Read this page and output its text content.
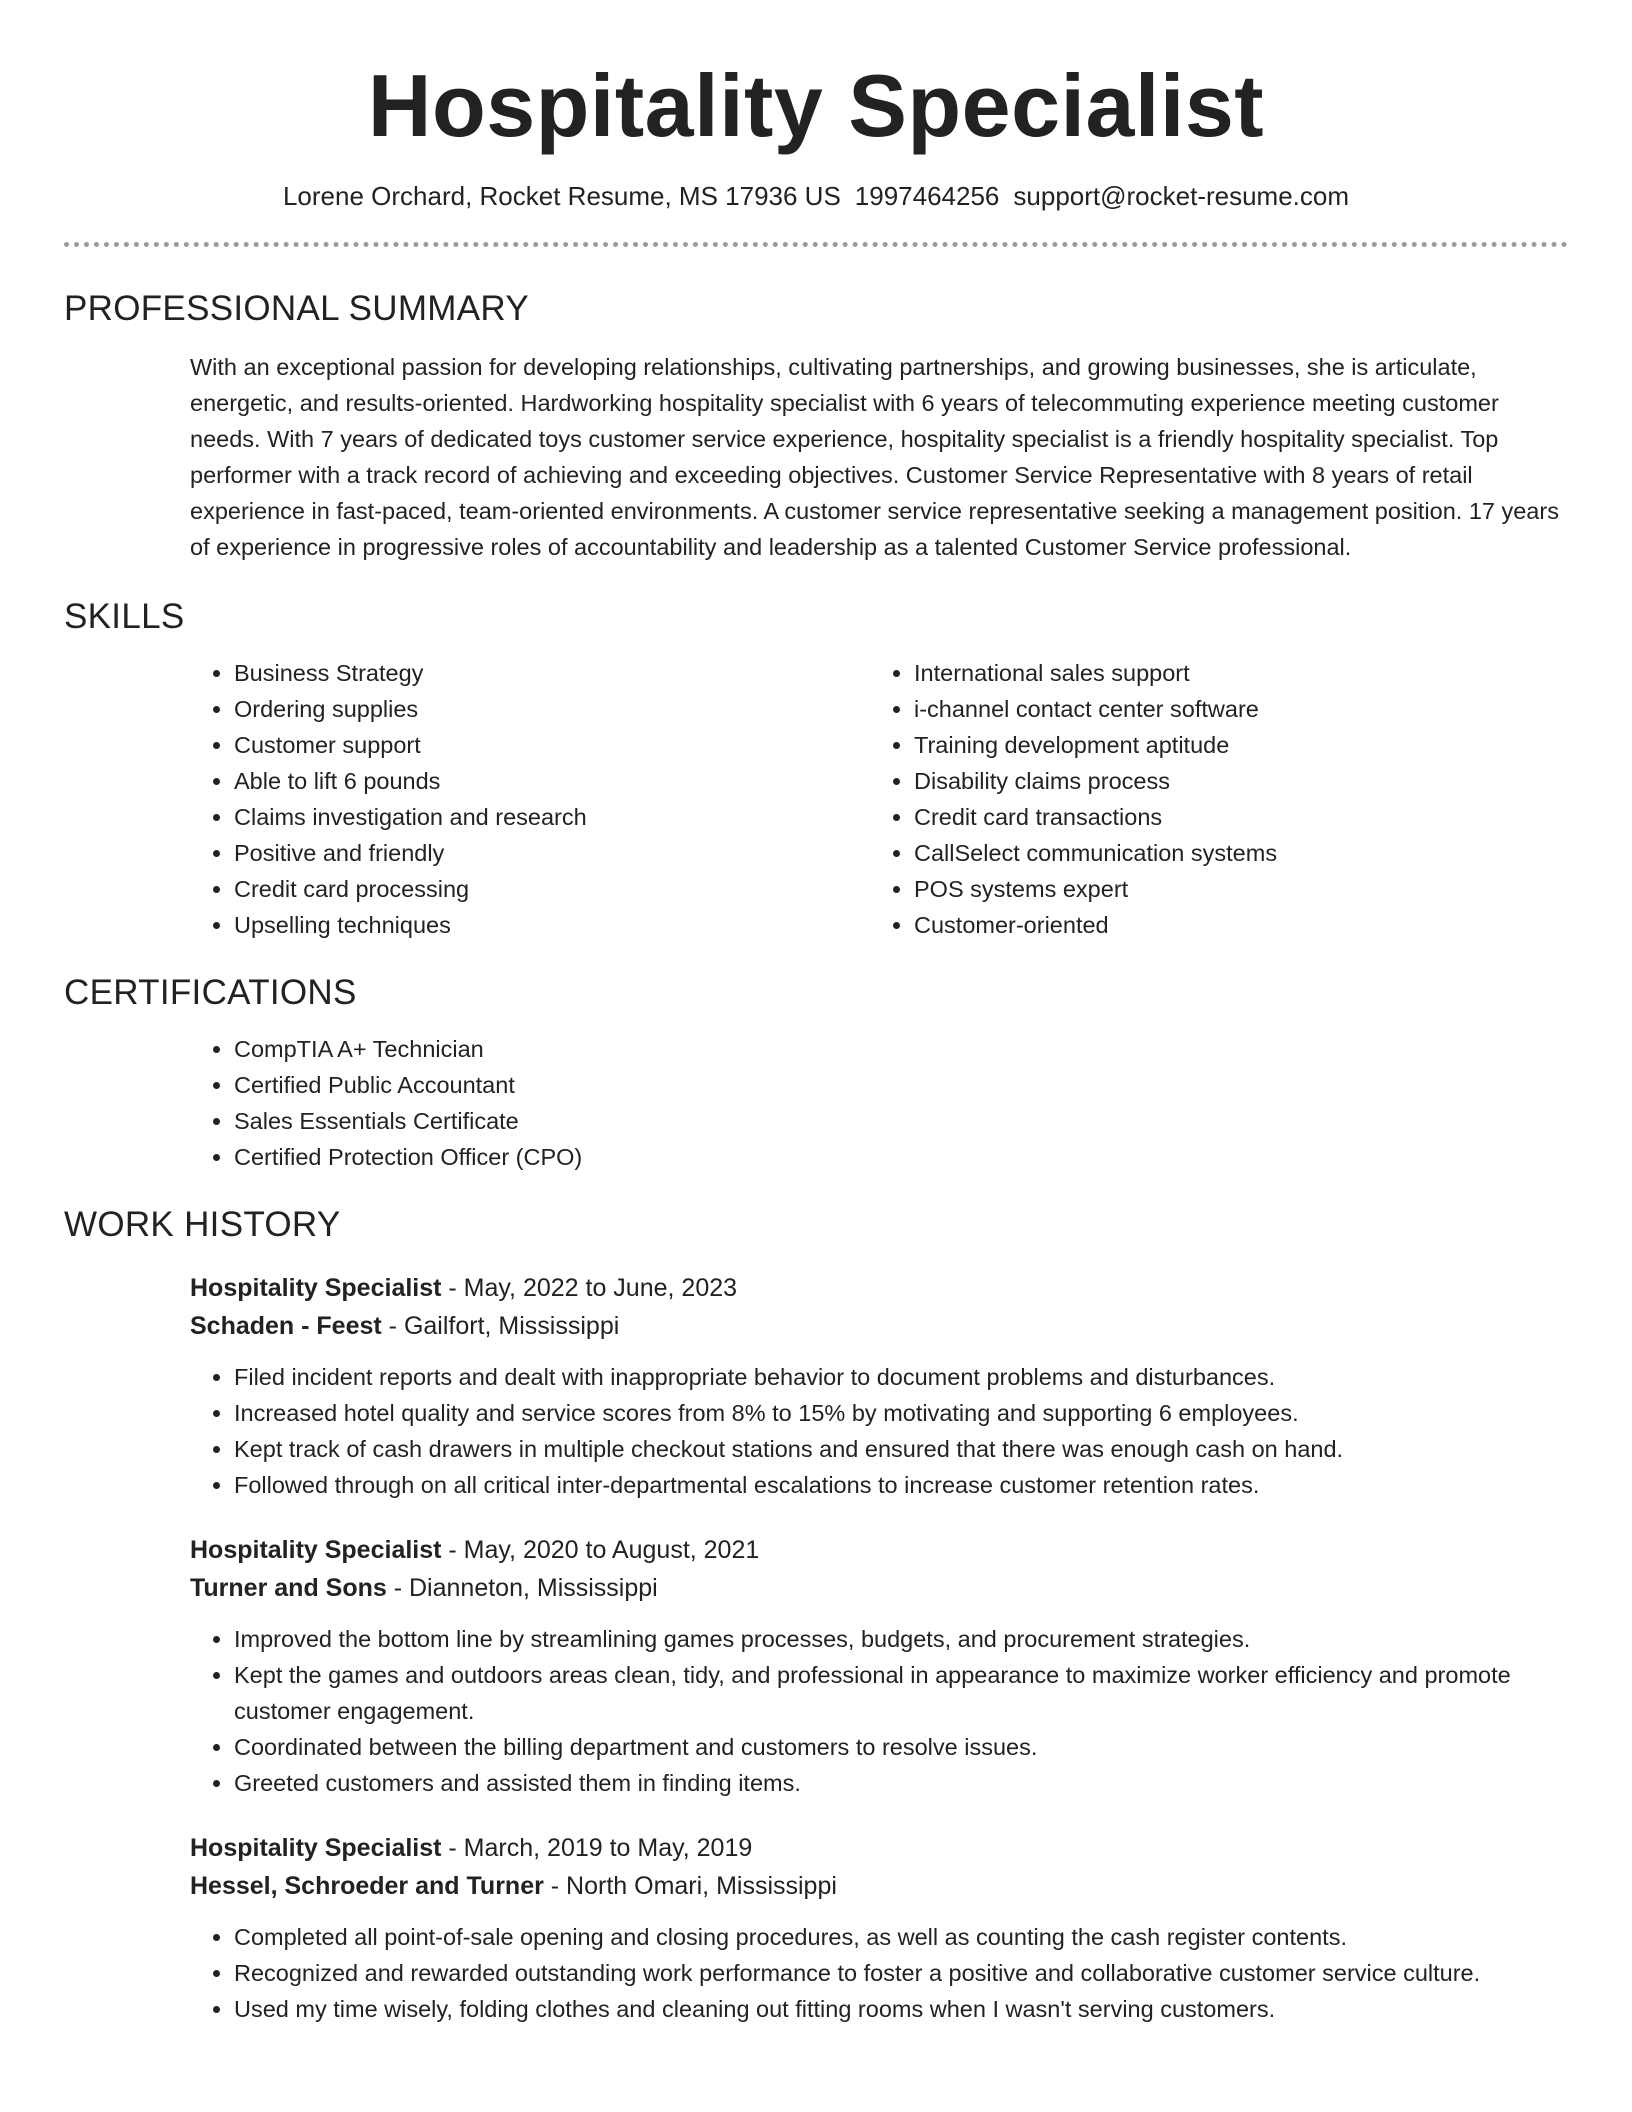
Hospitality Specialist
Lorene Orchard, Rocket Resume, MS 17936 US 1997464256 support@rocket-resume.com
PROFESSIONAL SUMMARY

With an exceptional passion for developing relationships, cultivating partnerships, and growing businesses, she is articulate, energetic, and results-oriented. Hardworking hospitality specialist with 6 years of telecommuting experience meeting customer needs. With 7 years of dedicated toys customer service experience, hospitality specialist is a friendly hospitality specialist. Top performer with a track record of achieving and exceeding objectives. Customer Service Representative with 8 years of retail experience in fast-paced, team-oriented environments. A customer service representative seeking a management position. 17 years of experience in progressive roles of accountability and leadership as a talented Customer Service professional.

SKILLS
• Business Strategy
• Ordering supplies
• Customer support
• Able to lift 6 pounds
• Claims investigation and research
• Positive and friendly
• Credit card processing
• Upselling techniques
• International sales support
• i-channel contact center software
• Training development aptitude
• Disability claims process
• Credit card transactions
• CallSelect communication systems
• POS systems expert
• Customer-oriented
CERTIFICATIONS
• CompTIA A+ Technician
• Certified Public Accountant
• Sales Essentials Certificate
• Certified Protection Officer (CPO)
WORK HISTORY
Hospitality Specialist - May, 2022 to June, 2023
Schaden - Feest - Gailfort, Mississippi
• Filed incident reports and dealt with inappropriate behavior to document problems and disturbances.
• Increased hotel quality and service scores from 8% to 15% by motivating and supporting 6 employees.
• Kept track of cash drawers in multiple checkout stations and ensured that there was enough cash on hand.
• Followed through on all critical inter-departmental escalations to increase customer retention rates.
Hospitality Specialist - May, 2020 to August, 2021
Turner and Sons - Dianneton, Mississippi
• Improved the bottom line by streamlining games processes, budgets, and procurement strategies.
• Kept the games and outdoors areas clean, tidy, and professional in appearance to maximize worker efficiency and promote customer engagement.
• Coordinated between the billing department and customers to resolve issues.
• Greeted customers and assisted them in finding items.
Hospitality Specialist - March, 2019 to May, 2019
Hessel, Schroeder and Turner - North Omari, Mississippi
• Completed all point-of-sale opening and closing procedures, as well as counting the cash register contents.
• Recognized and rewarded outstanding work performance to foster a positive and collaborative customer service culture.
• Used my time wisely, folding clothes and cleaning out fitting rooms when I wasn't serving customers.
